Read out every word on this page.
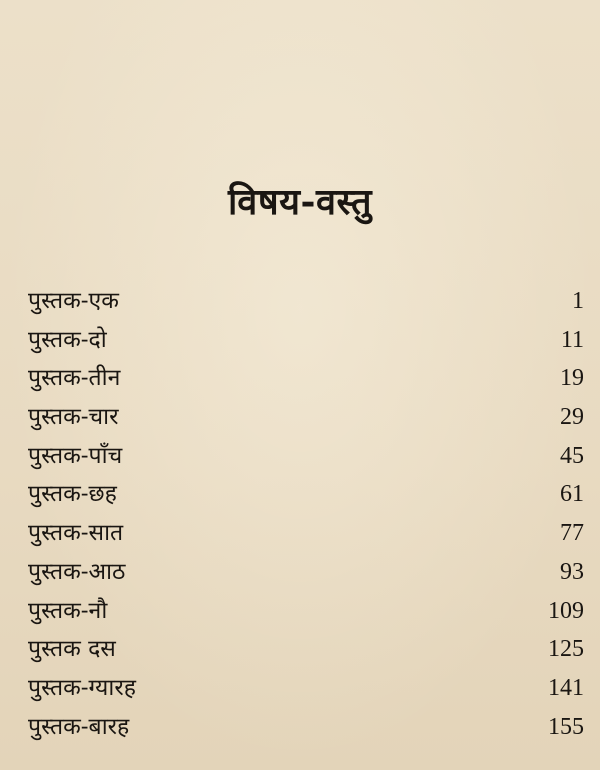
विषय-वस्तु
पुस्तक-एक	1
पुस्तक-दो	11
पुस्तक-तीन	19
पुस्तक-चार	29
पुस्तक-पाँच	45
पुस्तक-छह	61
पुस्तक-सात	77
पुस्तक-आठ	93
पुस्तक-नौ	109
पुस्तक दस	125
पुस्तक-ग्यारह	141
पुस्तक-बारह	155
